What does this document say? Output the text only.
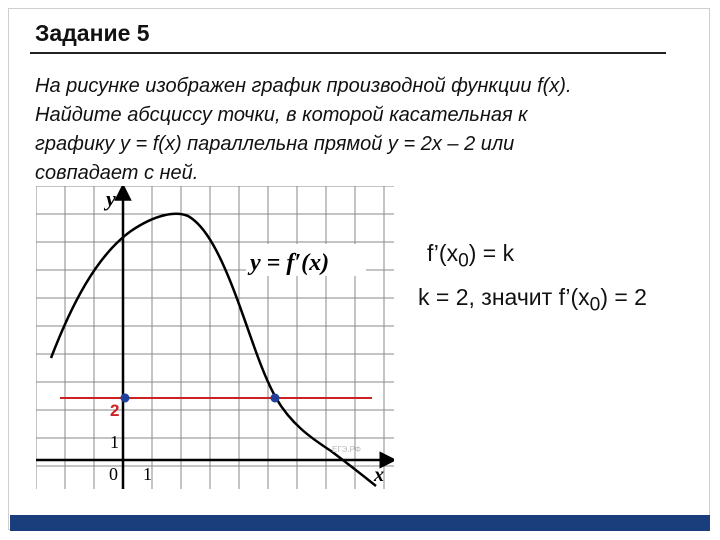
Задание 5
На рисунке изображен график производной функции f(x).
Найдите абсциссу точки, в которой касательная к
графику y = f(x) параллельна прямой y = 2x – 2 или
совпадает с ней.
y
x
y = f′(x)
0 1
1
2
ЕГЭ.РФ
$f’(x_0) = k$
k = 2, значит $f’(x_0) = 2$
